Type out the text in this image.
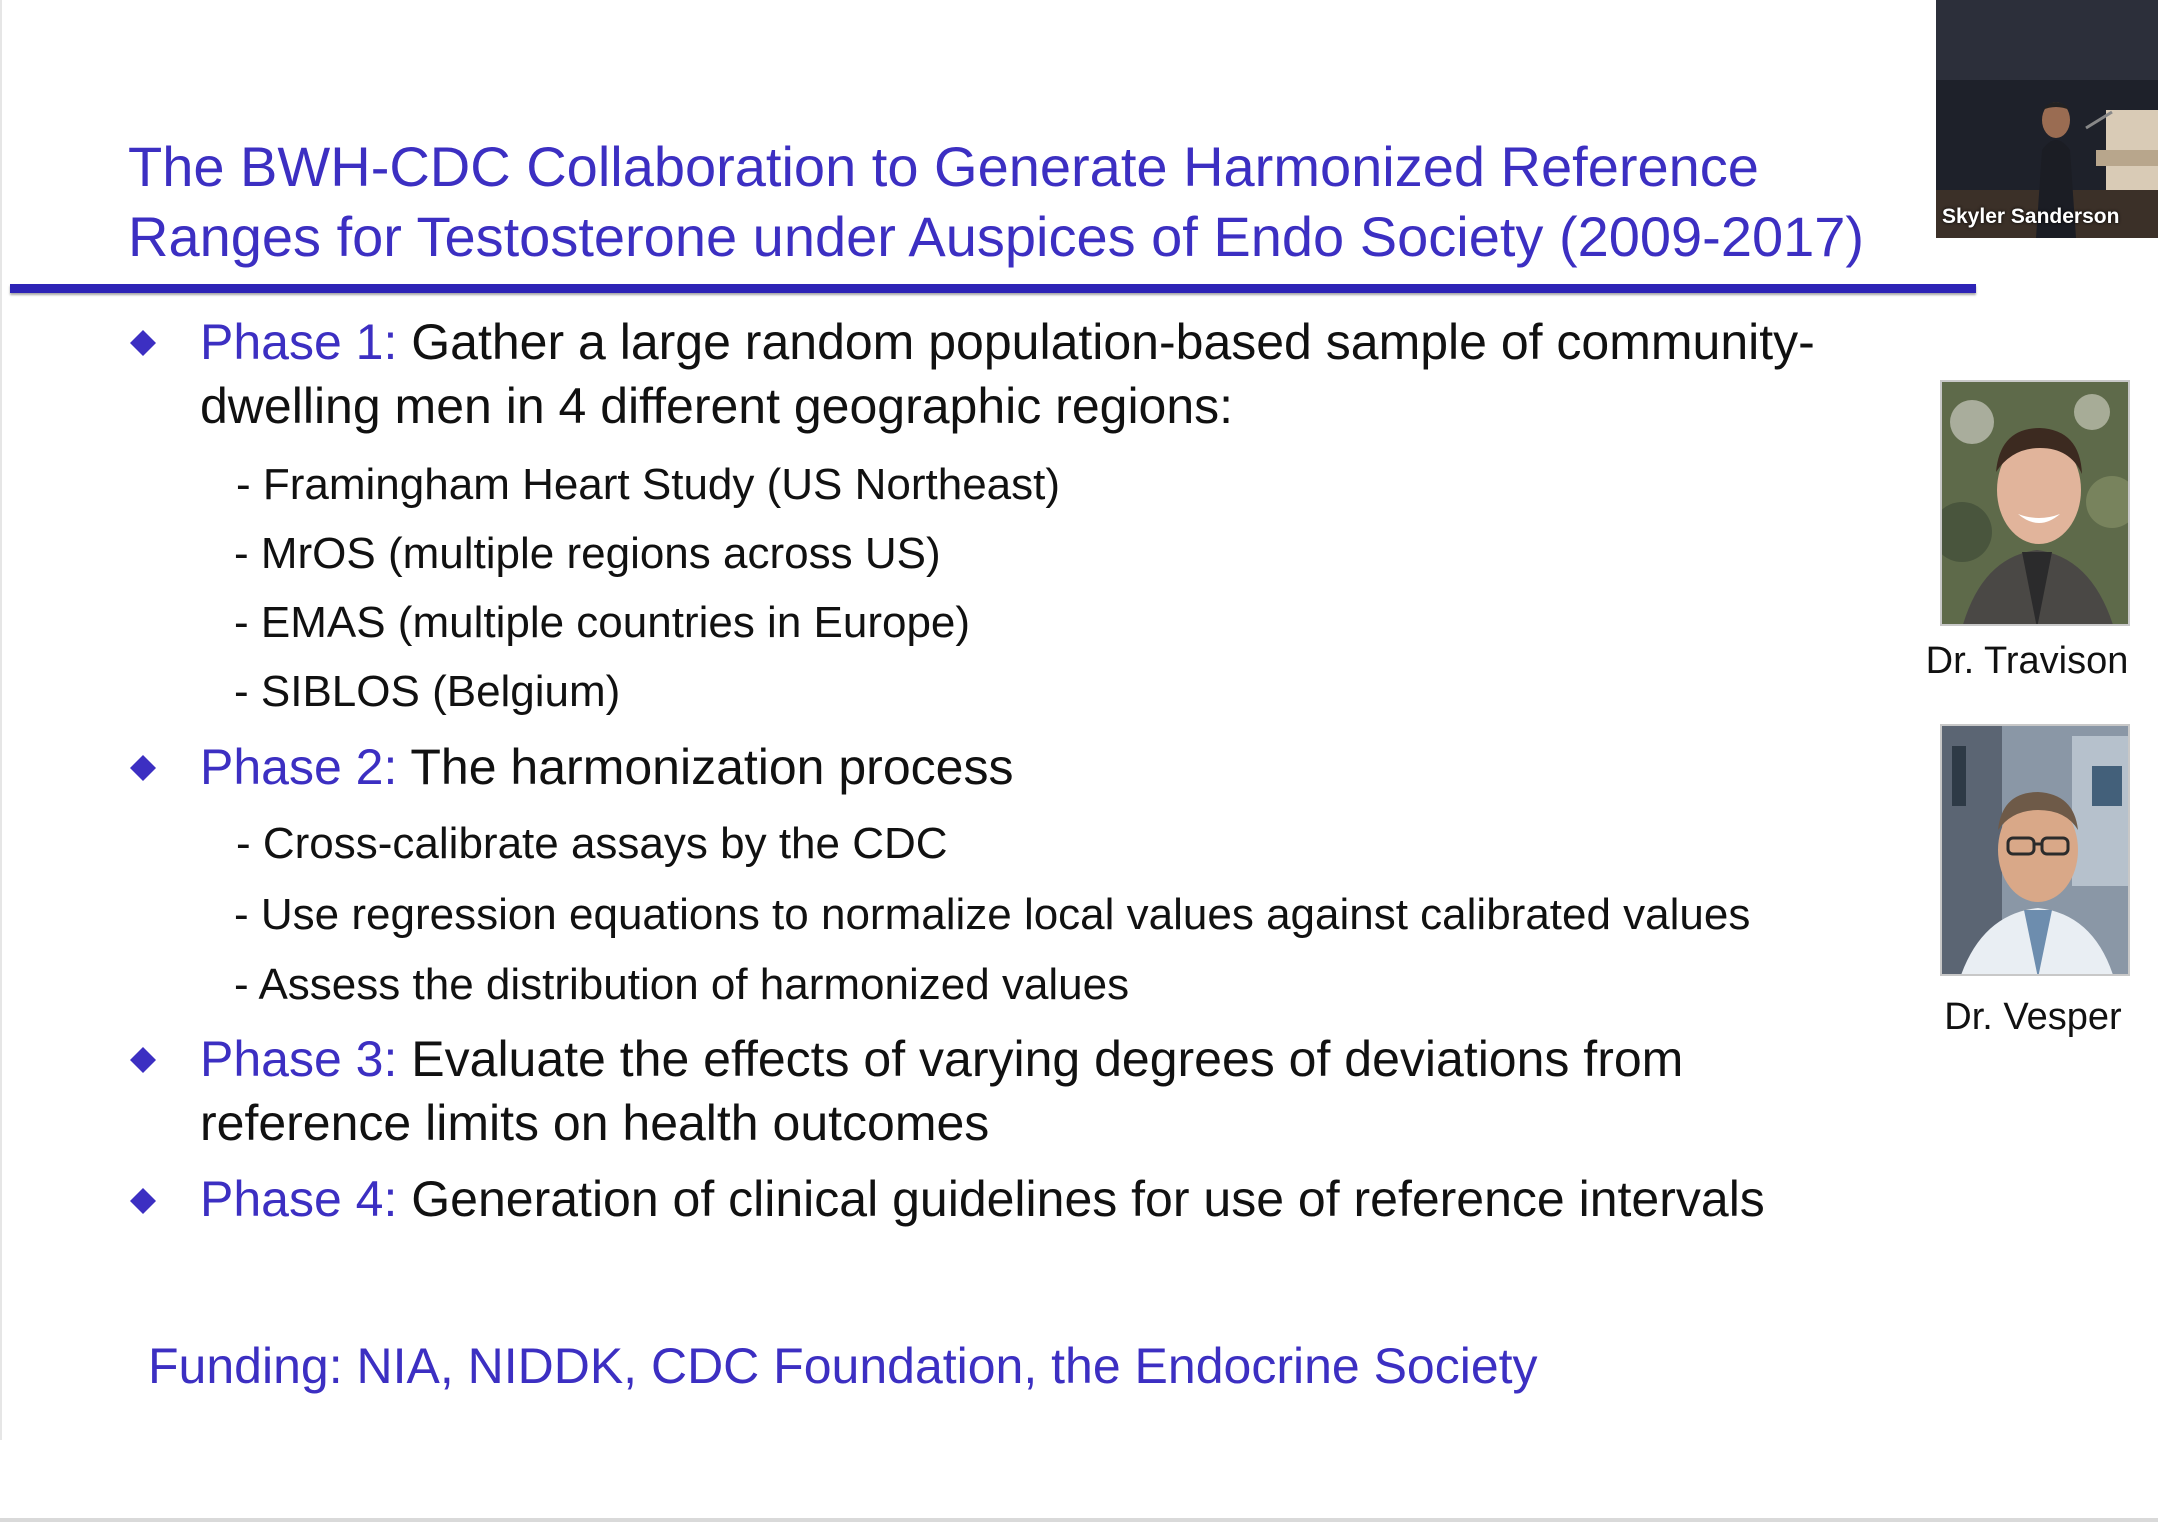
The BWH-CDC Collaboration to Generate Harmonized Reference
Ranges for Testosterone under Auspices of Endo Society (2009-2017)
Phase 1: Gather a large random population-based sample of community-
dwelling men in 4 different geographic regions:
- Framingham Heart Study (US Northeast)
- MrOS (multiple regions across US)
- EMAS (multiple countries in Europe)
- SIBLOS (Belgium)
Phase 2: The harmonization process
- Cross-calibrate assays by the CDC
- Use regression equations to normalize local values against calibrated values
- Assess the distribution of harmonized values
Phase 3: Evaluate the effects of varying degrees of deviations from
reference limits on health outcomes
Phase 4: Generation of clinical guidelines for use of reference intervals
Funding: NIA, NIDDK, CDC Foundation, the Endocrine Society
Dr. Travison
Dr. Vesper
Skyler Sanderson
